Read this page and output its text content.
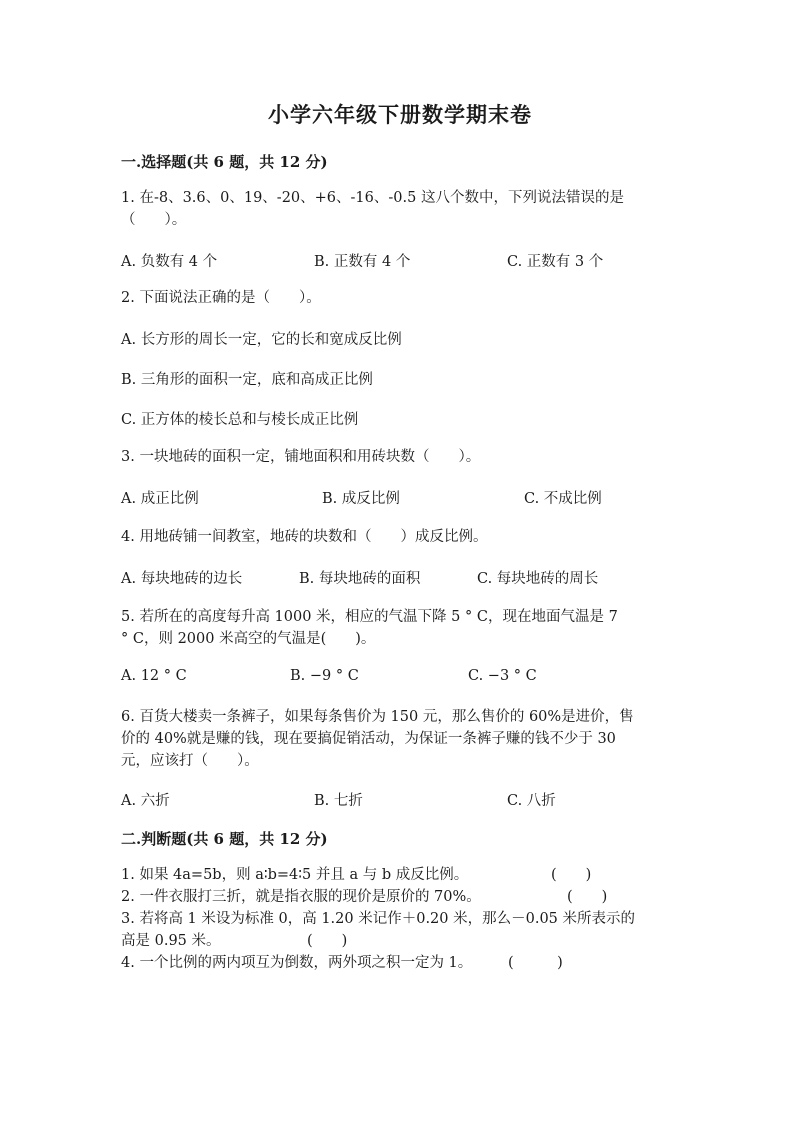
小学六年级下册数学期末卷
一.选择题(共 6 题，共 12 分)
1. 在-8、3.6、0、19、-20、+6、-16、-0.5 这八个数中，下列说法错误的是
（　　）。
A. 负数有 4 个	B. 正数有 4 个	C. 正数有 3 个
2. 下面说法正确的是（　　）。
A. 长方形的周长一定，它的长和宽成反比例
B. 三角形的面积一定，底和高成正比例
C. 正方体的棱长总和与棱长成正比例
3. 一块地砖的面积一定，铺地面积和用砖块数（　　）。
A. 成正比例	B. 成反比例	C. 不成比例
4. 用地砖铺一间教室，地砖的块数和（　　）成反比例。
A. 每块地砖的边长	B. 每块地砖的面积	C. 每块地砖的周长
5. 若所在的高度每升高 1000 米，相应的气温下降 5 ° C，现在地面气温是 7
° C，则 2000 米高空的气温是(　　)。
A. 12 ° C	B. −9 ° C	C. −3 ° C
6. 百货大楼卖一条裤子，如果每条售价为 150 元，那么售价的 60%是进价，售
价的 40%就是赚的钱，现在要搞促销活动，为保证一条裤子赚的钱不少于 30
元，应该打（　　）。
A. 六折	B. 七折	C. 八折
二.判断题(共 6 题，共 12 分)
1. 如果 4a=5b，则 a∶b=4∶5 并且 a 与 b 成反比例。	(　　)
2. 一件衣服打三折，就是指衣服的现价是原价的 70%。	(　　)
3. 若将高 1 米设为标准 0，高 1.20 米记作＋0.20 米，那么－0.05 米所表示的
高是 0.95 米。	(　　)
4. 一个比例的两内项互为倒数，两外项之积一定为 1。 (　　　)
